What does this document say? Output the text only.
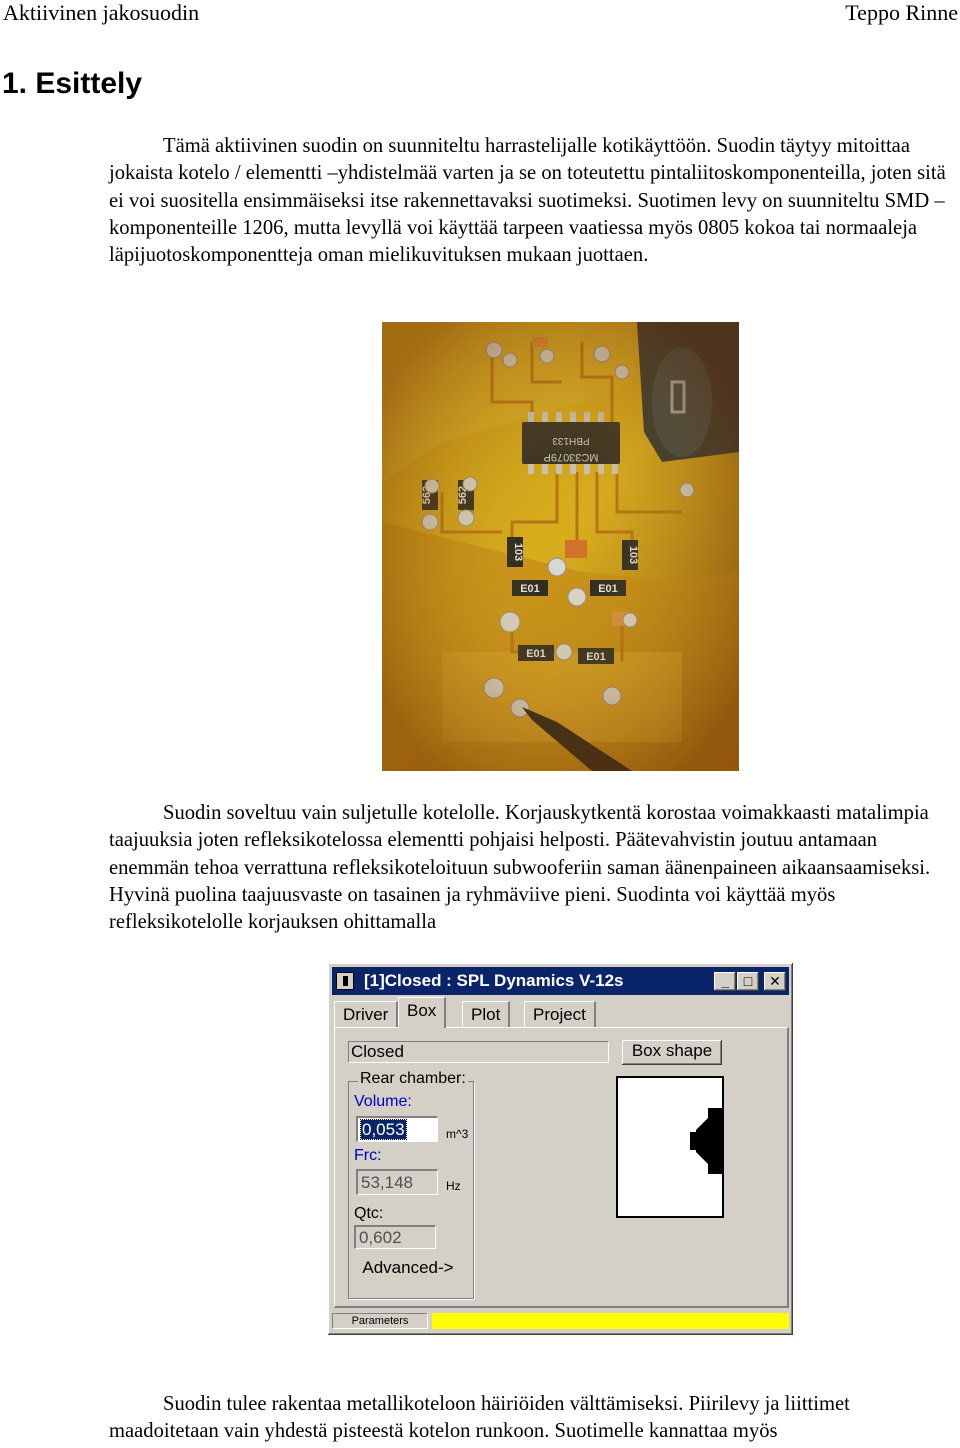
Aktiivinen jakosuodin	Teppo Rinne
1. Esittely
Tämä aktiivinen suodin on suunniteltu harrastelijalle kotikäyttöön. Suodin täytyy mitoittaa jokaista kotelo / elementti –yhdistelmää varten ja se on toteutettu pintaliitoskomponenteilla, joten sitä ei voi suositella ensimmäiseksi itse rakennettavaksi suotimeksi. Suotimen levy on suunniteltu SMD – komponenteille 1206, mutta levyllä voi käyttää tarpeen vaatiessa myös 0805 kokoa tai normaaleja läpijuotoskomponentteja oman mielikuvituksen mukaan juottaen.
Suodin soveltuu vain suljetulle kotelolle. Korjauskytkentä korostaa voimakkaasti matalimpia taajuuksia joten refleksikotelossa elementti pohjaisi helposti. Päätevahvistin joutuu antamaan enemmän tehoa verrattuna refleksikoteloituun subwooferiin saman äänenpaineen aikaansaamiseksi. Hyvinä puolina taajuusvaste on tasainen ja ryhmäviive pieni. Suodinta voi käyttää myös refleksikotelolle korjauksen ohittamalla
[1]Closed : SPL Dynamics V-12s	_	□	✕
Driver	Box	Plot	Project
Closed	Box shape
Rear chamber:
Volume:
0,053	m^3
Frc:
53,148	Hz
Qtc:
0,602
Advanced->
Parameters
Suodin tulee rakentaa metallikoteloon häiriöiden välttämiseksi. Piirilevy ja liittimet maadoitetaan vain yhdestä pisteestä kotelon runkoon. Suotimelle kannattaa myös
